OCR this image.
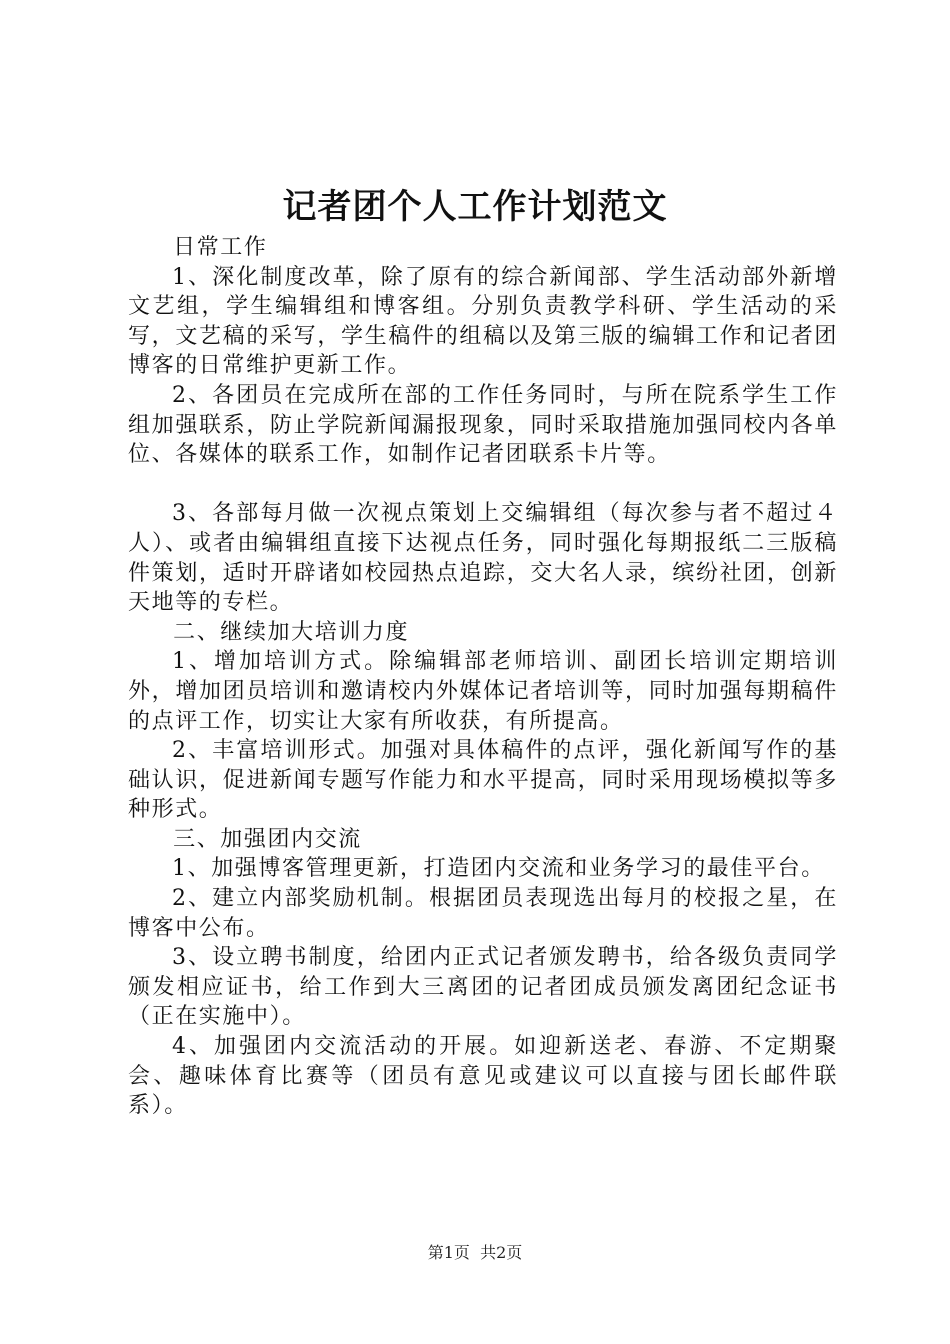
记者团个人工作计划范文

日常工作

1、深化制度改革，除了原有的综合新闻部、学生活动部外新增文艺组，学生编辑组和博客组。分别负责教学科研、学生活动的采写，文艺稿的采写，学生稿件的组稿以及第三版的编辑工作和记者团博客的日常维护更新工作。

2、各团员在完成所在部的工作任务同时，与所在院系学生工作组加强联系，防止学院新闻漏报现象，同时采取措施加强同校内各单位、各媒体的联系工作，如制作记者团联系卡片等。

3、各部每月做一次视点策划上交编辑组（每次参与者不超过４人）、或者由编辑组直接下达视点任务，同时强化每期报纸二三版稿件策划，适时开辟诸如校园热点追踪，交大名人录，缤纷社团，创新天地等的专栏。

二、继续加大培训力度

1、增加培训方式。除编辑部老师培训、副团长培训定期培训外，增加团员培训和邀请校内外媒体记者培训等，同时加强每期稿件的点评工作，切实让大家有所收获，有所提高。

2、丰富培训形式。加强对具体稿件的点评，强化新闻写作的基础认识，促进新闻专题写作能力和水平提高，同时采用现场模拟等多种形式。

三、加强团内交流

1、加强博客管理更新，打造团内交流和业务学习的最佳平台。

2、建立内部奖励机制。根据团员表现选出每月的校报之星，在博客中公布。

3、设立聘书制度，给团内正式记者颁发聘书，给各级负责同学颁发相应证书，给工作到大三离团的记者团成员颁发离团纪念证书（正在实施中）。

4、加强团内交流活动的开展。如迎新送老、春游、不定期聚会、趣味体育比赛等（团员有意见或建议可以直接与团长邮件联系）。

第1页 共2页
